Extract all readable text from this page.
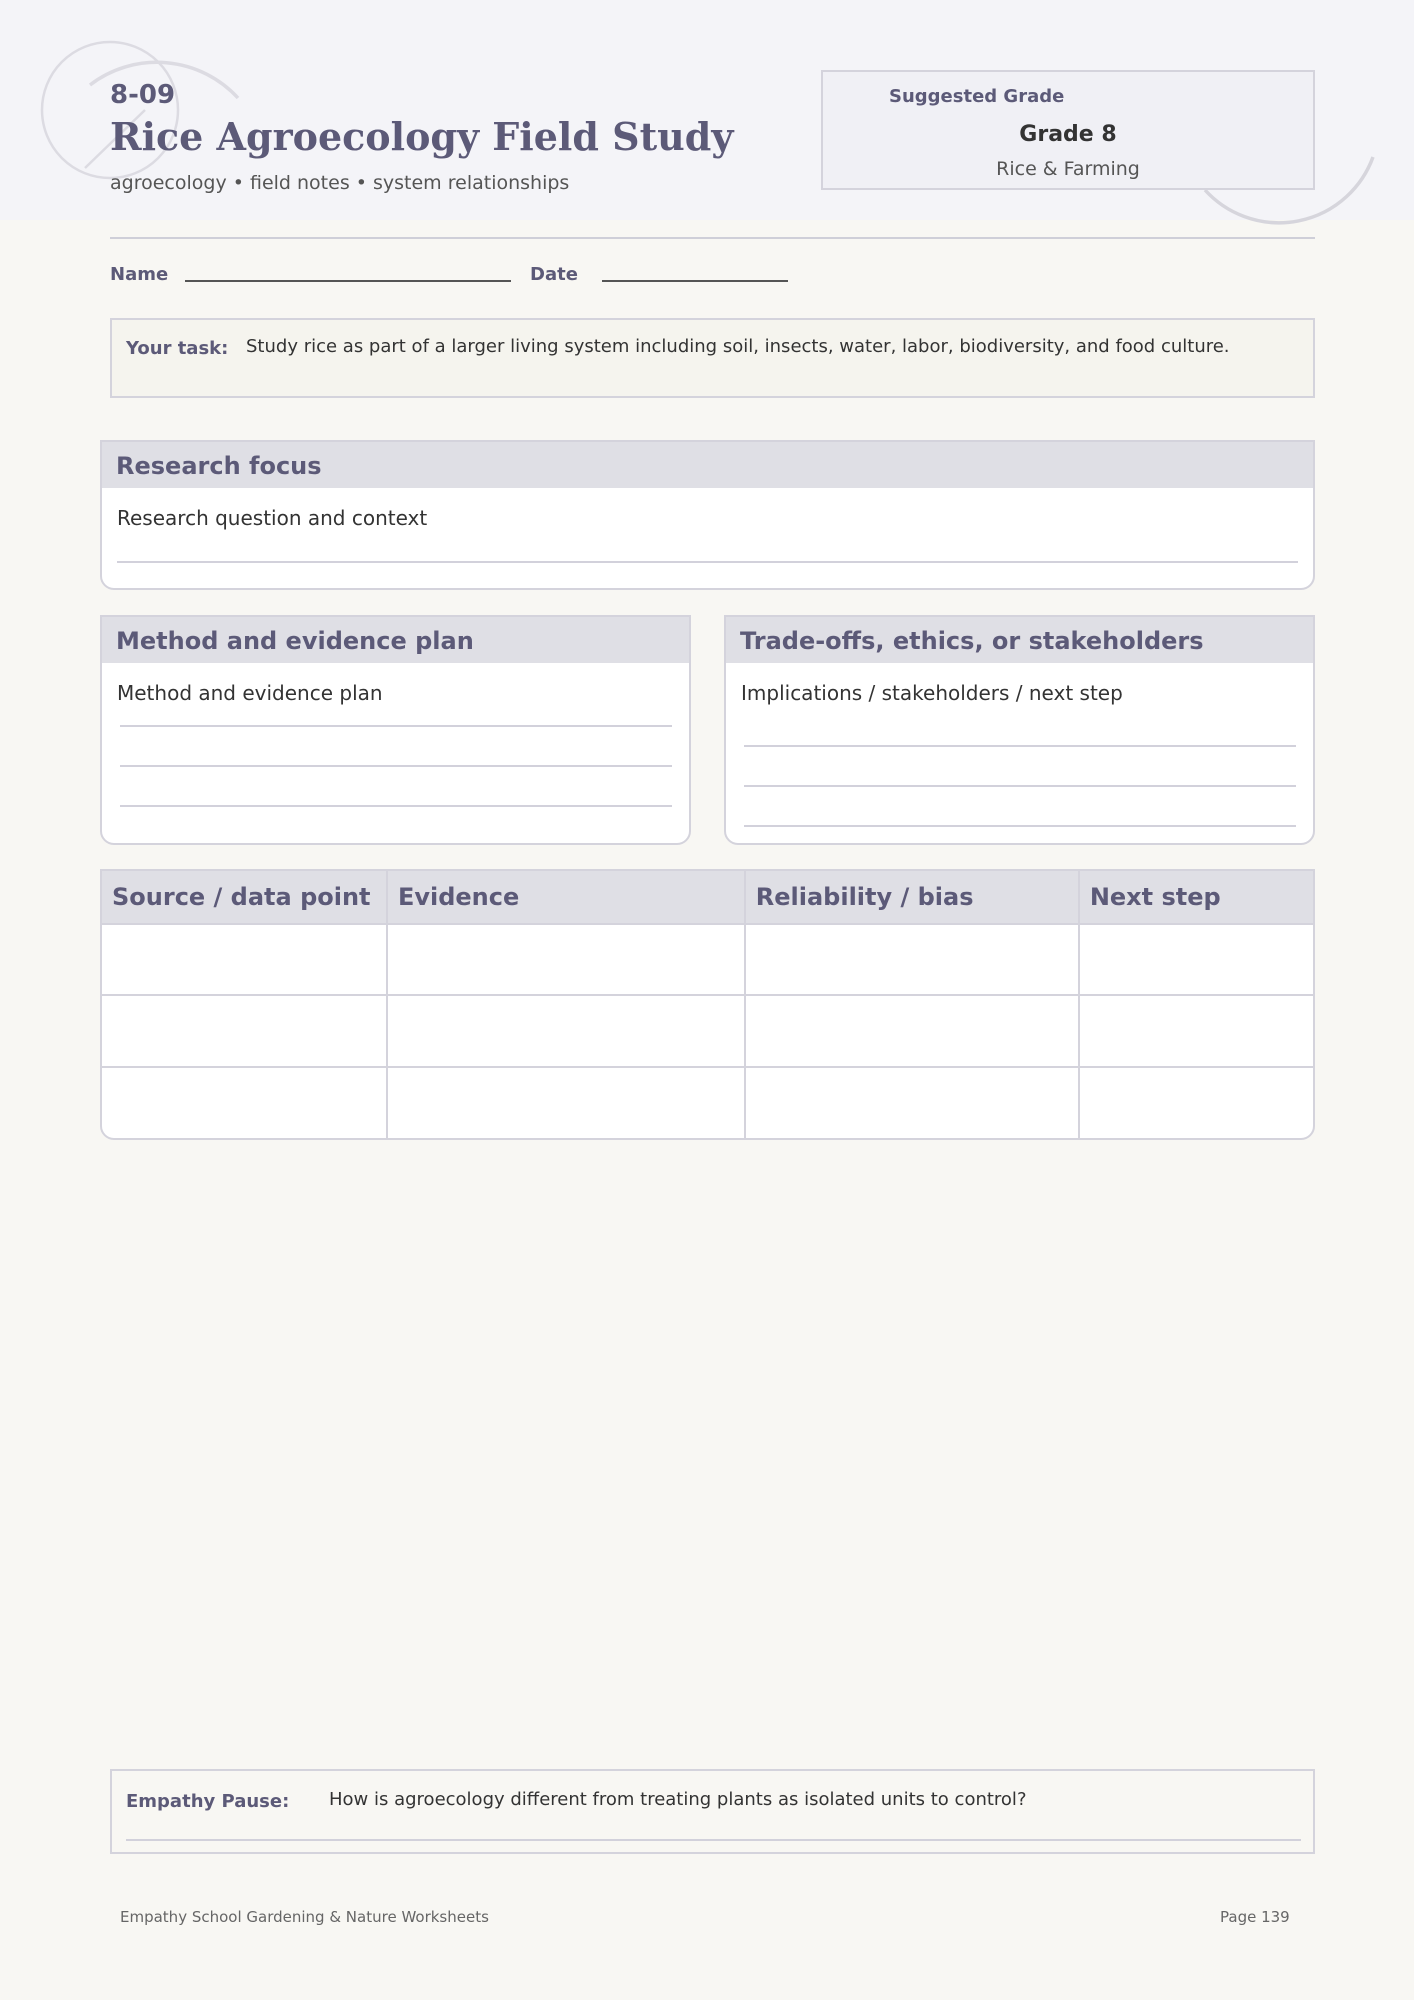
8-09
Rice Agroecology Field Study
agroecology • field notes • system relationships
Suggested Grade
Grade 8
Rice & Farming
Name	Date
Your task: Study rice as part of a larger living system including soil, insects, water, labor, biodiversity, and food culture.
Research focus
Research question and context
Method and evidence plan
Method and evidence plan
Trade-offs, ethics, or stakeholders
Implications / stakeholders / next step
Source / data point	Evidence	Reliability / bias	Next step

Empathy Pause: How is agroecology different from treating plants as isolated units to control?
Empathy School Gardening & Nature Worksheets	Page 139
